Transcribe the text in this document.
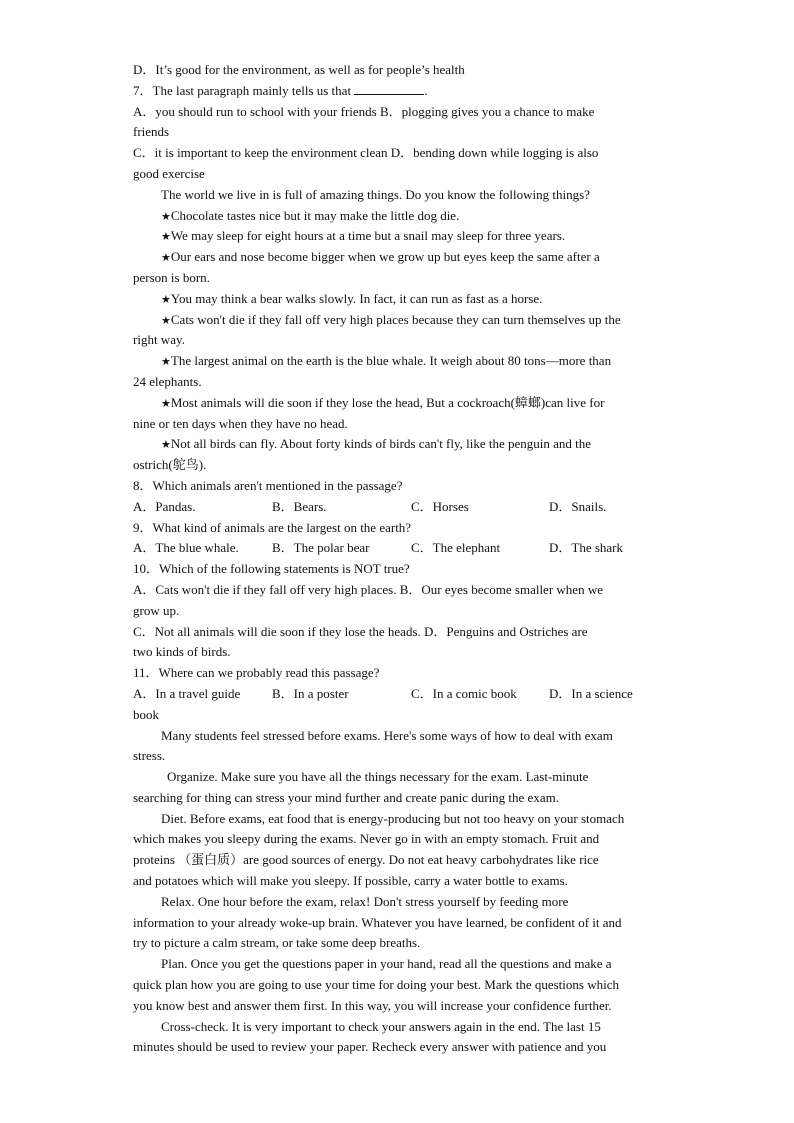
D．It’s good for the environment, as well as for people’s health
7．The last paragraph mainly tells us that	.
A．you should run to school with your friends B．plogging gives you a chance to make
friends
C．it is important to keep the environment clean D．bending down while logging is also
good exercise
The world we live in is full of amazing things. Do you know the following things?
★Chocolate tastes nice but it may make the little dog die.
★We may sleep for eight hours at a time but a snail may sleep for three years.
★Our ears and nose become bigger when we grow up but eyes keep the same after a
person is born.
★You may think a bear walks slowly. In fact, it can run as fast as a horse.
★Cats won't die if they fall off very high places because they can turn themselves up the
right way.
★The largest animal on the earth is the blue whale. It weigh about 80 tons—more than
24 elephants.
★Most animals will die soon if they lose the head, But a cockroach(蟑螂)can live for
nine or ten days when they have no head.
★Not all birds can fly. About forty kinds of birds can't fly, like the penguin and the
ostrich(鸵鸟).
8．Which animals aren't mentioned in the passage?
A．Pandas.	B．Bears.	C．Horses	D．Snails.
9．What kind of animals are the largest on the earth?
A．The blue whale.	B．The polar bear	C．The elephant	D．The shark
10．Which of the following statements is NOT true?
A．Cats won't die if they fall off very high places. B．Our eyes become smaller when we
grow up.
C．Not all animals will die soon if they lose the heads. D．Penguins and Ostriches are
two kinds of birds.
11．Where can we probably read this passage?
A．In a travel guide	B．In a poster	C．In a comic book	D．In a science
book
Many students feel stressed before exams. Here's some ways of how to deal with exam
stress.
Organize. Make sure you have all the things necessary for the exam. Last-minute
searching for thing can stress your mind further and create panic during the exam.
Diet. Before exams, eat food that is energy-producing but not too heavy on your stomach
which makes you sleepy during the exams. Never go in with an empty stomach. Fruit and
proteins （蛋白质）are good sources of energy. Do not eat heavy carbohydrates like rice
and potatoes which will make you sleepy. If possible, carry a water bottle to exams.
Relax. One hour before the exam, relax! Don't stress yourself by feeding more
information to your already woke-up brain. Whatever you have learned, be confident of it and
try to picture a calm stream, or take some deep breaths.
Plan. Once you get the questions paper in your hand, read all the questions and make a
quick plan how you are going to use your time for doing your best. Mark the questions which
you know best and answer them first. In this way, you will increase your confidence further.
Cross-check. It is very important to check your answers again in the end. The last 15
minutes should be used to review your paper. Recheck every answer with patience and you
